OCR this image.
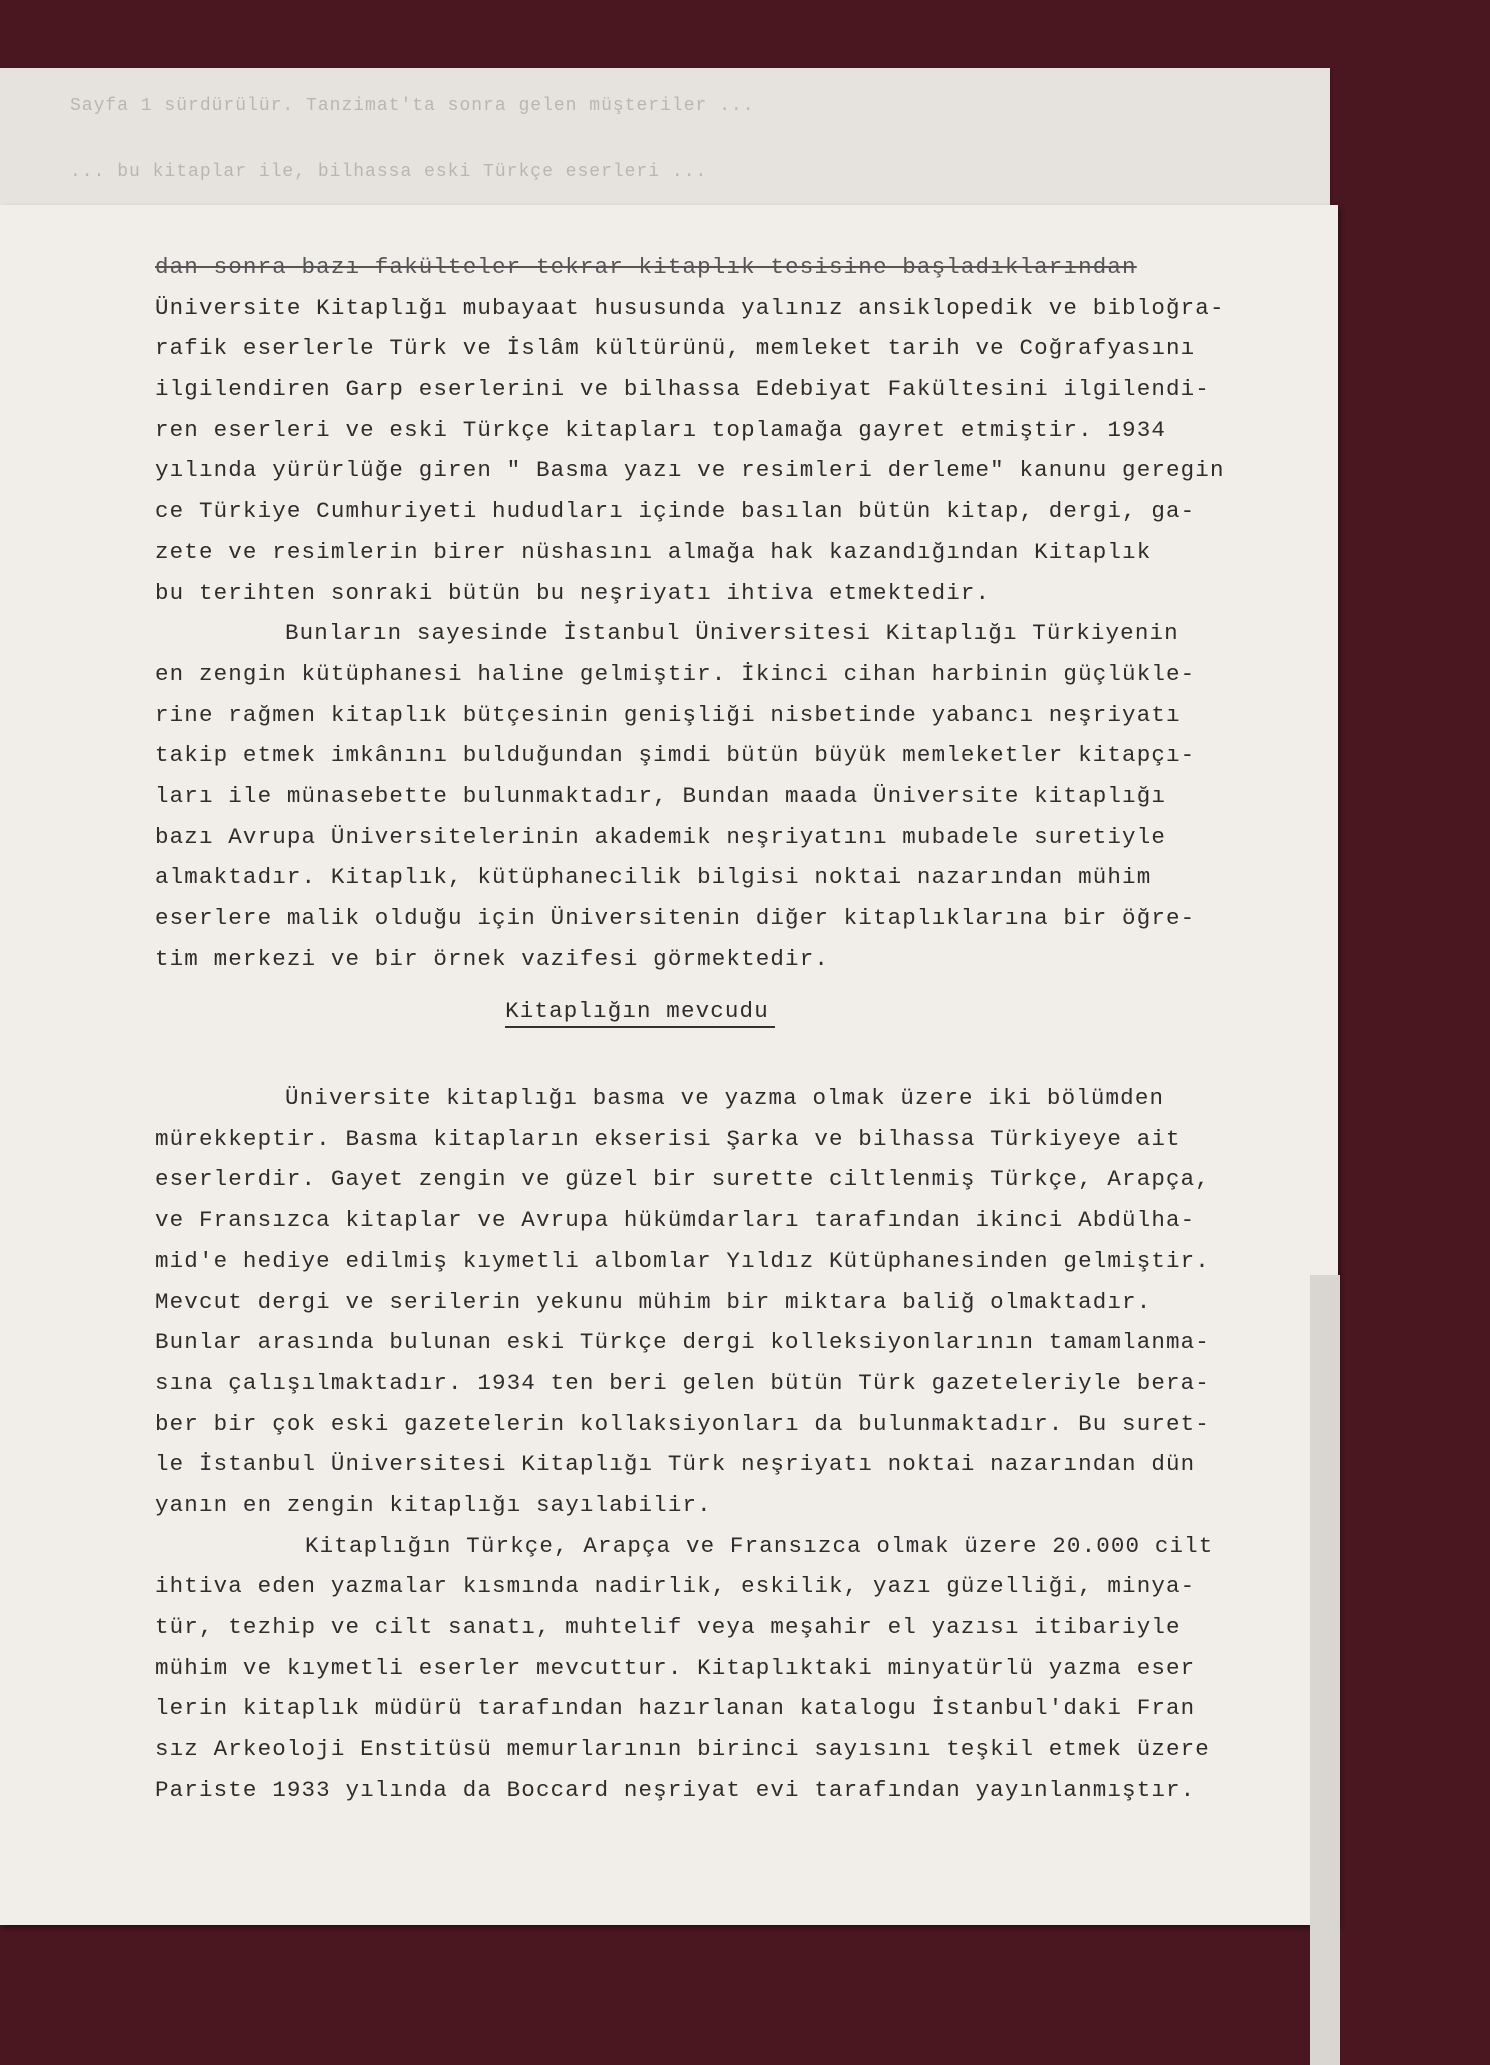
Sayfa 1 sürdürülür. Tanzimat'ta sonra gelen müşteriler ...
... bu kitaplar ile, bilhassa eski Türkçe eserleri ...
dan sonra bazı fakülteler tekrar kitaplık tesisine başladıklarından
Üniversite Kitaplığı mubayaat hususunda yalınız ansiklopedik ve bibloğra-
rafik eserlerle Türk ve İslâm kültürünü, memleket tarih ve Coğrafyasını
ilgilendiren Garp eserlerini ve bilhassa Edebiyat Fakültesini ilgilendi-
ren eserleri ve eski Türkçe kitapları toplamağa gayret etmiştir. 1934
yılında yürürlüğe giren " Basma yazı ve resimleri derleme" kanunu geregin
ce Türkiye Cumhuriyeti hududları içinde basılan bütün kitap, dergi, ga-
zete ve resimlerin birer nüshasını almağa hak kazandığından Kitaplık
bu terihten sonraki bütün bu neşriyatı ihtiva etmektedir.
Bunların sayesinde İstanbul Üniversitesi Kitaplığı Türkiyenin
en zengin kütüphanesi haline gelmiştir. İkinci cihan harbinin güçlükle-
rine rağmen kitaplık bütçesinin genişliği nisbetinde yabancı neşriyatı
takip etmek imkânını bulduğundan şimdi bütün büyük memleketler kitapçı-
ları ile münasebette bulunmaktadır, Bundan maada Üniversite kitaplığı
bazı Avrupa Üniversitelerinin akademik neşriyatını mubadele suretiyle
almaktadır. Kitaplık, kütüphanecilik bilgisi noktai nazarından mühim
eserlere malik olduğu için Üniversitenin diğer kitaplıklarına bir öğre-
tim merkezi ve bir örnek vazifesi görmektedir.
Kitaplığın mevcudu
Üniversite kitaplığı basma ve yazma olmak üzere iki bölümden
mürekkeptir. Basma kitapların ekserisi Şarka ve bilhassa Türkiyeye ait
eserlerdir. Gayet zengin ve güzel bir surette ciltlenmiş Türkçe, Arapça,
ve Fransızca kitaplar ve Avrupa hükümdarları tarafından ikinci Abdülha-
mid'e hediye edilmiş kıymetli albomlar Yıldız Kütüphanesinden gelmiştir.
Mevcut dergi ve serilerin yekunu mühim bir miktara baliğ olmaktadır.
Bunlar arasında bulunan eski Türkçe dergi kolleksiyonlarının tamamlanma-
sına çalışılmaktadır. 1934 ten beri gelen bütün Türk gazeteleriyle bera-
ber bir çok eski gazetelerin kollaksiyonları da bulunmaktadır. Bu suret-
le İstanbul Üniversitesi Kitaplığı Türk neşriyatı noktai nazarından dün
yanın en zengin kitaplığı sayılabilir.
Kitaplığın Türkçe, Arapça ve Fransızca olmak üzere 20.000 cilt
ihtiva eden yazmalar kısmında nadirlik, eskilik, yazı güzelliği, minya-
tür, tezhip ve cilt sanatı, muhtelif veya meşahir el yazısı itibariyle
mühim ve kıymetli eserler mevcuttur. Kitaplıktaki minyatürlü yazma eser
lerin kitaplık müdürü tarafından hazırlanan katalogu İstanbul'daki Fran
sız Arkeoloji Enstitüsü memurlarının birinci sayısını teşkil etmek üzere
Pariste 1933 yılında da Boccard neşriyat evi tarafından yayınlanmıştır.
